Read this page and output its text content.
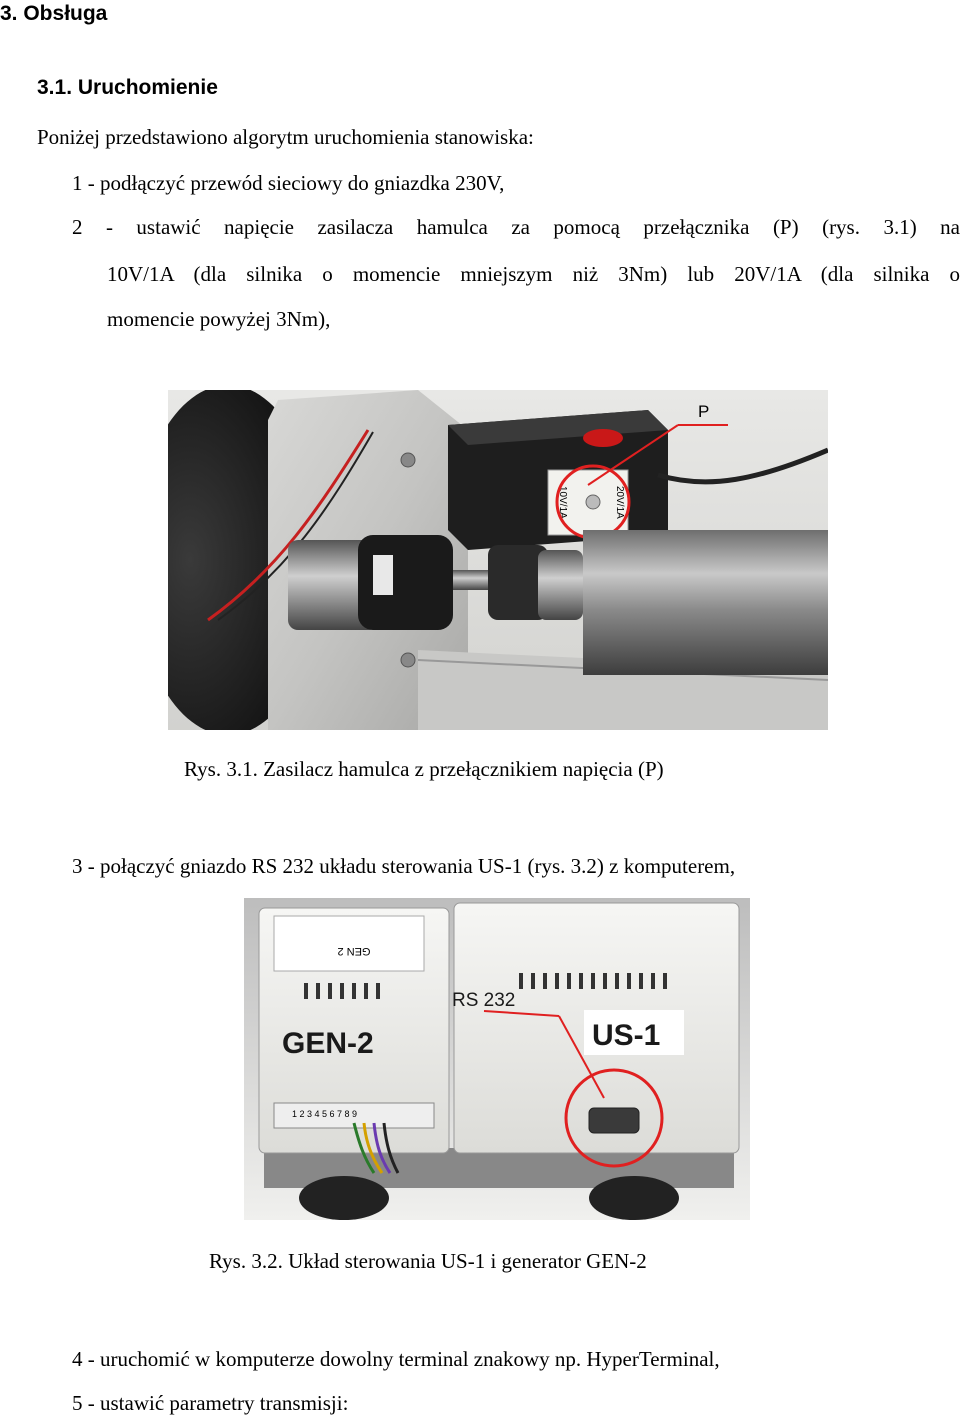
3. Obsługa
3.1. Uruchomienie
Poniżej przedstawiono algorytm uruchomienia stanowiska:
1 - podłączyć przewód sieciowy do gniazdka 230V,
2 - ustawić napięcie zasilacza hamulca za pomocą przełącznika (P) (rys. 3.1) na
10V/1A (dla silnika o momencie mniejszym niż 3Nm) lub 20V/1A (dla silnika o
momencie powyżej 3Nm),
10V/1A	20V/1A
P
Rys. 3.1. Zasilacz hamulca z przełącznikiem napięcia (P)
3 - połączyć gniazdo RS 232 układu sterowania US-1 (rys. 3.2) z komputerem,
GEN 2
GEN-2
1 2 3 4 5 6 7 8 9
RS 232
US-1
Rys. 3.2. Układ sterowania US-1 i generator GEN-2
4 - uruchomić w komputerze dowolny terminal znakowy np. HyperTerminal,
5 - ustawić parametry transmisji:
